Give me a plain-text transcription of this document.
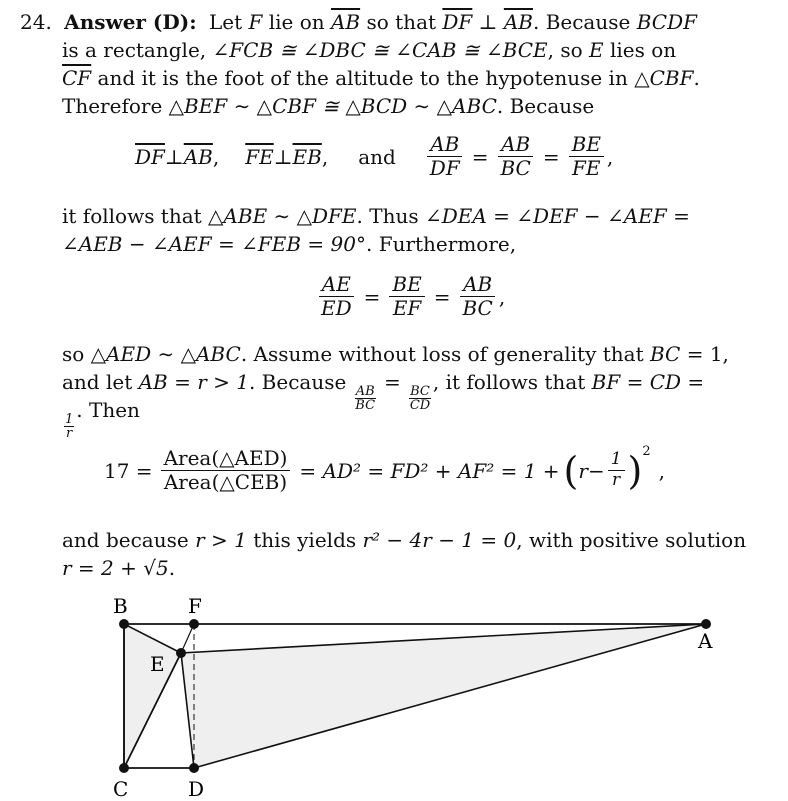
24. Answer (D): Let F lie on $\overline{AB}$ so that $\overline{DF}$ ⊥ $\overline{AB}$. Because BCDF
is a rectangle, ∠FCB ≅ ∠DBC ≅ ∠CAB ≅ ∠BCE, so E lies on
$\overline{CF}$ and it is the foot of the altitude to the hypotenuse in △CBF.
Therefore △BEF ∼ △CBF ≅ △BCD ∼ △ABC. Because
$\overline{DF}$ ⊥ $\overline{AB}$ , $\overline{FE}$ ⊥ $\overline{EB}$ , and $\frac{AB}{DF} = \frac{AB}{BC} = \frac{BE}{FE}$ ,
it follows that △ABE ∼ △DFE. Thus ∠DEA = ∠DEF − ∠AEF =
∠AEB − ∠AEF = ∠FEB = 90°. Furthermore,
$\frac{AE}{ED} = \frac{BE}{EF} = \frac{AB}{BC}$ ,
so △AED ∼ △ABC. Assume without loss of generality that BC = 1,
and let AB = r > 1. Because
$\frac{AB}{BC}$
=
$\frac{BC}{CD}$
, it follows that BF = CD =
$\frac{1}{r}$
. Then
$17 = \frac{\text{Area(△AED)}}{\text{Area(△CEB)}} = AD^2 = FD^2 + AF^2 = 1$ + ( $r - \frac{1}{r} )^2$
,
and because r > 1 this yields r² − 4r − 1 = 0, with positive solution
r = 2 + √5.
B	F
E
A
C	D
